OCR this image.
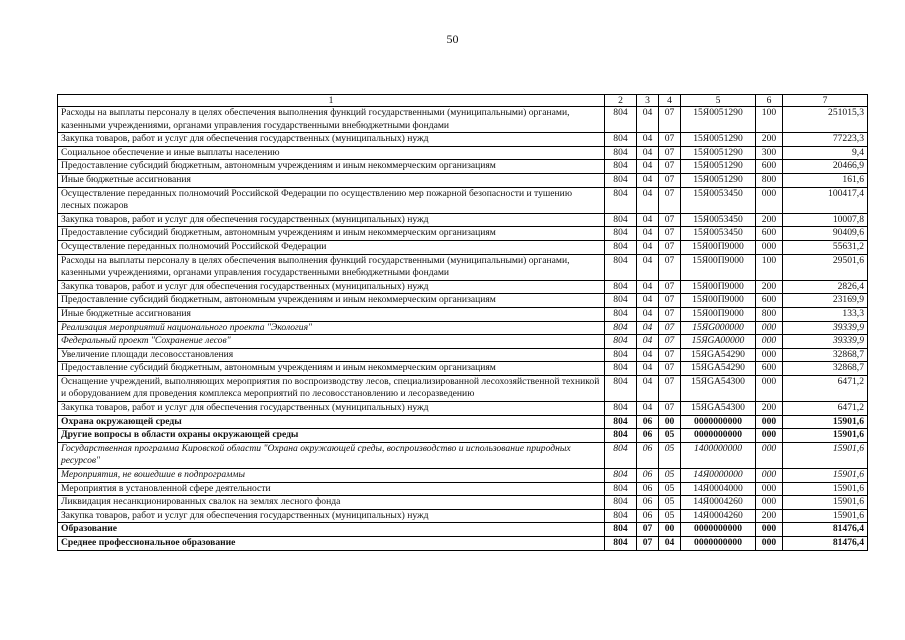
50
1	2	3	4	5	6	7
Расходы на выплаты персоналу в целях обеспечения выполнения функций государственными (муниципальными) органами, казенными учреждениями, органами управления государственными внебюджетными фондами	804	04	07	15Я0051290	100	251015,3
Закупка товаров, работ и услуг для обеспечения государственных (муниципальных) нужд	804	04	07	15Я0051290	200	77223,3
Социальное обеспечение и иные выплаты населению	804	04	07	15Я0051290	300	9,4
Предоставление субсидий бюджетным, автономным учреждениям и иным некоммерческим организациям	804	04	07	15Я0051290	600	20466,9
Иные бюджетные ассигнования	804	04	07	15Я0051290	800	161,6
Осуществление переданных полномочий Российской Федерации по осуществлению мер пожарной безопасности и тушению лесных пожаров	804	04	07	15Я0053450	000	100417,4
Закупка товаров, работ и услуг для обеспечения государственных (муниципальных) нужд	804	04	07	15Я0053450	200	10007,8
Предоставление субсидий бюджетным, автономным учреждениям и иным некоммерческим организациям	804	04	07	15Я0053450	600	90409,6
Осуществление переданных полномочий Российской Федерации	804	04	07	15Я00П9000	000	55631,2
Расходы на выплаты персоналу в целях обеспечения выполнения функций государственными (муниципальными) органами, казенными учреждениями, органами управления государственными внебюджетными фондами	804	04	07	15Я00П9000	100	29501,6
Закупка товаров, работ и услуг для обеспечения государственных (муниципальных) нужд	804	04	07	15Я00П9000	200	2826,4
Предоставление субсидий бюджетным, автономным учреждениям и иным некоммерческим организациям	804	04	07	15Я00П9000	600	23169,9
Иные бюджетные ассигнования	804	04	07	15Я00П9000	800	133,3
Реализация мероприятий национального проекта "Экология"	804	04	07	15ЯG000000	000	39339,9
Федеральный проект "Сохранение лесов"	804	04	07	15ЯGA00000	000	39339,9
Увеличение площади лесовосстановления	804	04	07	15ЯGA54290	000	32868,7
Предоставление субсидий бюджетным, автономным учреждениям и иным некоммерческим организациям	804	04	07	15ЯGA54290	600	32868,7
Оснащение учреждений, выполняющих мероприятия по воспроизводству лесов, специализированной лесохозяйственной техникой и оборудованием для проведения комплекса мероприятий по лесовосстановлению и лесоразведению	804	04	07	15ЯGA54300	000	6471,2
Закупка товаров, работ и услуг для обеспечения государственных (муниципальных) нужд	804	04	07	15ЯGA54300	200	6471,2
Охрана окружающей среды	804	06	00	0000000000	000	15901,6
Другие вопросы в области охраны окружающей среды	804	06	05	0000000000	000	15901,6
Государственная программа Кировской области "Охрана окружающей среды, воспроизводство и использование природных ресурсов"	804	06	05	1400000000	000	15901,6
Мероприятия, не вошедшие в подпрограммы	804	06	05	14Я0000000	000	15901,6
Мероприятия в установленной сфере деятельности	804	06	05	14Я0004000	000	15901,6
Ликвидация несанкционированных свалок на землях лесного фонда	804	06	05	14Я0004260	000	15901,6
Закупка товаров, работ и услуг для обеспечения государственных (муниципальных) нужд	804	06	05	14Я0004260	200	15901,6
Образование	804	07	00	0000000000	000	81476,4
Среднее профессиональное образование	804	07	04	0000000000	000	81476,4
